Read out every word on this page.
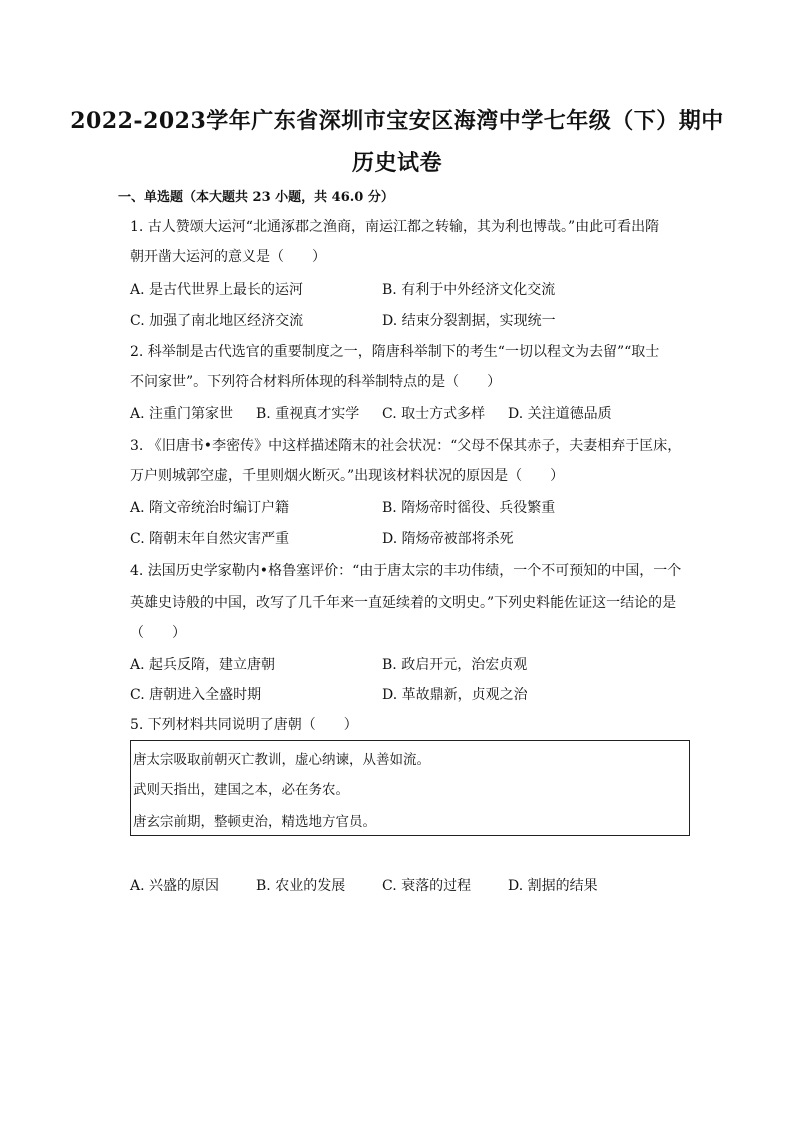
2022-2023学年广东省深圳市宝安区海湾中学七年级（下）期中
历史试卷
一、单选题（本大题共 23 小题，共 46.0 分）
1. 古人赞颂大运河“北通涿郡之渔商，南运江都之转输，其为利也博哉。”由此可看出隋
朝开凿大运河的意义是（　　）
A. 是古代世界上最长的运河	B. 有利于中外经济文化交流
C. 加强了南北地区经济交流	D. 结束分裂割据，实现统一
2. 科举制是古代选官的重要制度之一，隋唐科举制下的考生“一切以程文为去留”“取士
不问家世”。下列符合材料所体现的科举制特点的是（　　）
A. 注重门第家世 B. 重视真才实学 C. 取士方式多样 D. 关注道德品质
3. 《旧唐书•李密传》中这样描述隋末的社会状况：“父母不保其赤子，夫妻相弃于匡床，
万户则城郭空虚，千里则烟火断灭。”出现该材料状况的原因是（　　）
A. 隋文帝统治时编订户籍	B. 隋炀帝时徭役、兵役繁重
C. 隋朝末年自然灾害严重	D. 隋炀帝被部将杀死
4. 法国历史学家勒内•格鲁塞评价：“由于唐太宗的丰功伟绩，一个不可预知的中国，一个
英雄史诗般的中国，改写了几千年来一直延续着的文明史。”下列史料能佐证这一结论的是
（　　）
A. 起兵反隋，建立唐朝	B. 政启开元，治宏贞观
C. 唐朝进入全盛时期	D. 革故鼎新，贞观之治
5. 下列材料共同说明了唐朝（　　）
唐太宗吸取前朝灭亡教训，虚心纳谏，从善如流。
武则天指出，建国之本，必在务农。
唐玄宗前期，整顿吏治，精选地方官员。
A. 兴盛的原因	B. 农业的发展	C. 衰落的过程	D. 割据的结果
